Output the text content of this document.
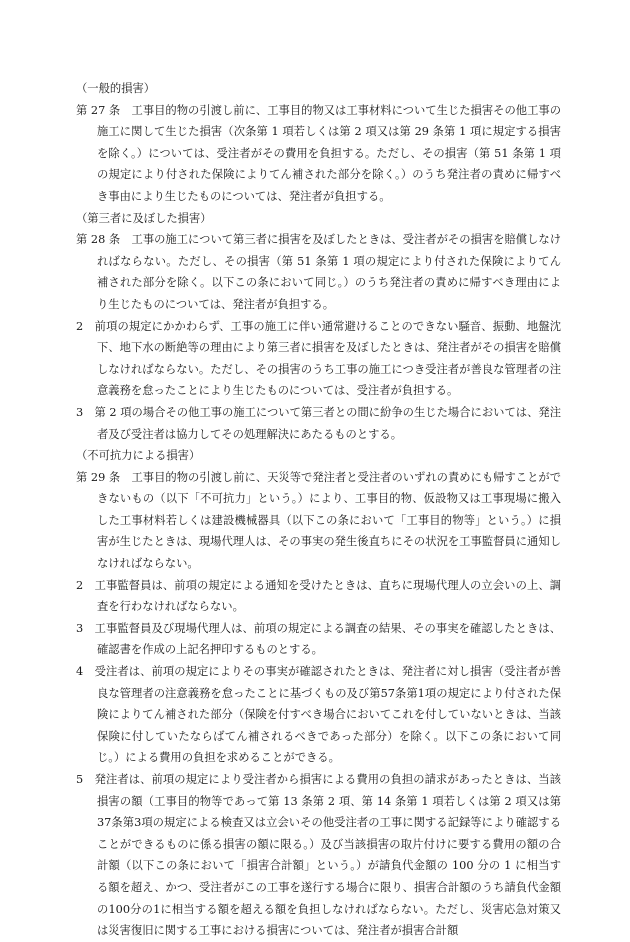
（一般的損害）
第 27 条　工事目的物の引渡し前に、工事目的物又は工事材料について生じた損害その他工事の施工に関して生じた損害（次条第 1 項若しくは第 2 項又は第 29 条第 1 項に規定する損害を除く。）については、受注者がその費用を負担する。ただし、その損害（第 51 条第 1 項の規定により付された保険によりてん補された部分を除く。）のうち発注者の責めに帰すべき事由により生じたものについては、発注者が負担する。
（第三者に及ぼした損害）
第 28 条　工事の施工について第三者に損害を及ぼしたときは、受注者がその損害を賠償しなければならない。ただし、その損害（第 51 条第 1 項の規定により付された保険によりてん補された部分を除く。以下この条において同じ。）のうち発注者の責めに帰すべき理由により生じたものについては、発注者が負担する。
2　前項の規定にかかわらず、工事の施工に伴い通常避けることのできない騒音、振動、地盤沈下、地下水の断絶等の理由により第三者に損害を及ぼしたときは、発注者がその損害を賠償しなければならない。ただし、その損害のうち工事の施工につき受注者が善良な管理者の注意義務を怠ったことにより生じたものについては、受注者が負担する。
3　第 2 項の場合その他工事の施工について第三者との間に紛争の生じた場合においては、発注者及び受注者は協力してその処理解決にあたるものとする。
（不可抗力による損害）
第 29 条　工事目的物の引渡し前に、天災等で発注者と受注者のいずれの責めにも帰すことができないもの（以下「不可抗力」という。）により、工事目的物、仮設物又は工事現場に搬入した工事材料若しくは建設機械器具（以下この条において「工事目的物等」という。）に損害が生じたときは、現場代理人は、その事実の発生後直ちにその状況を工事監督員に通知しなければならない。
2　工事監督員は、前項の規定による通知を受けたときは、直ちに現場代理人の立会いの上、調査を行わなければならない。
3　工事監督員及び現場代理人は、前項の規定による調査の結果、その事実を確認したときは、確認書を作成の上記名押印するものとする。
4　受注者は、前項の規定によりその事実が確認されたときは、発注者に対し損害（受注者が善良な管理者の注意義務を怠ったことに基づくもの及び第57条第1項の規定により付された保険によりてん補された部分（保険を付すべき場合においてこれを付していないときは、当該保険に付していたならばてん補されるべきであった部分）を除く。以下この条において同じ。）による費用の負担を求めることができる。
5　発注者は、前項の規定により受注者から損害による費用の負担の請求があったときは、当該損害の額（工事目的物等であって第 13 条第 2 項、第 14 条第 1 項若しくは第 2 項又は第37条第3項の規定による検査又は立会いその他受注者の工事に関する記録等により確認することができるものに係る損害の額に限る。）及び当該損害の取片付けに要する費用の額の合計額（以下この条において「損害合計額」という。）が請負代金額の 100 分の 1 に相当する額を超え、かつ、受注者がこの工事を遂行する場合に限り、損害合計額のうち請負代金額の100分の1に相当する額を超える額を負担しなければならない。ただし、災害応急対策又は災害復旧に関する工事における損害については、発注者が損害合計額
